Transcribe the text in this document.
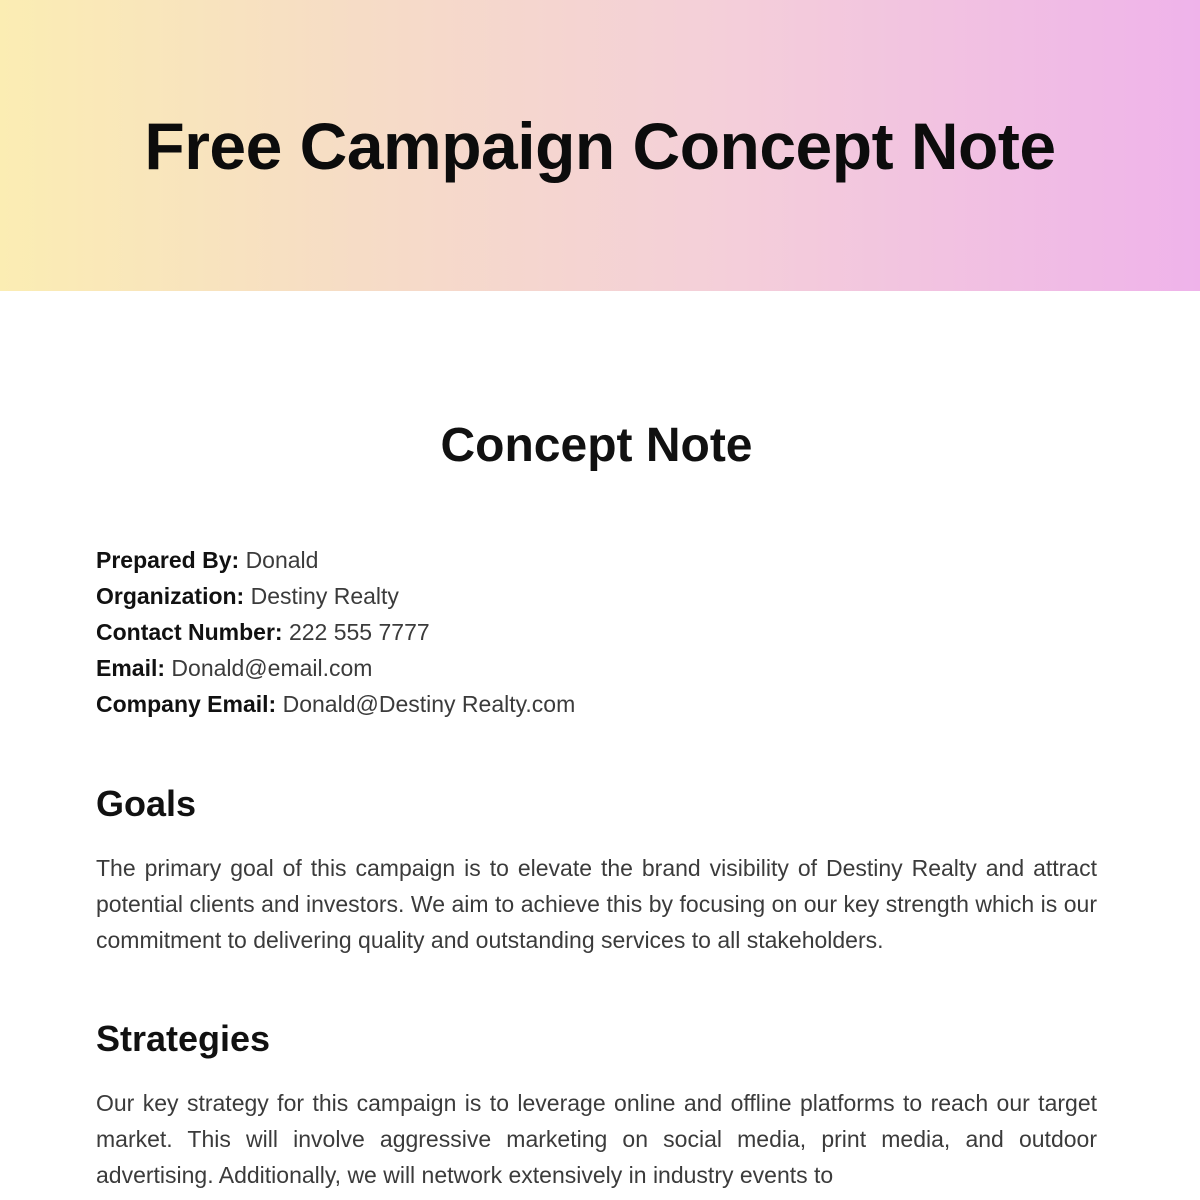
Free Campaign Concept Note
Concept Note
Prepared By: Donald
Organization: Destiny Realty
Contact Number: 222 555 7777
Email: Donald@email.com
Company Email: Donald@Destiny Realty.com
Goals

The primary goal of this campaign is to elevate the brand visibility of Destiny Realty and attract potential clients and investors. We aim to achieve this by focusing on our key strength which is our commitment to delivering quality and outstanding services to all stakeholders.

Strategies

Our key strategy for this campaign is to leverage online and offline platforms to reach our target market. This will involve aggressive marketing on social media, print media, and outdoor advertising. Additionally, we will network extensively in industry events to
